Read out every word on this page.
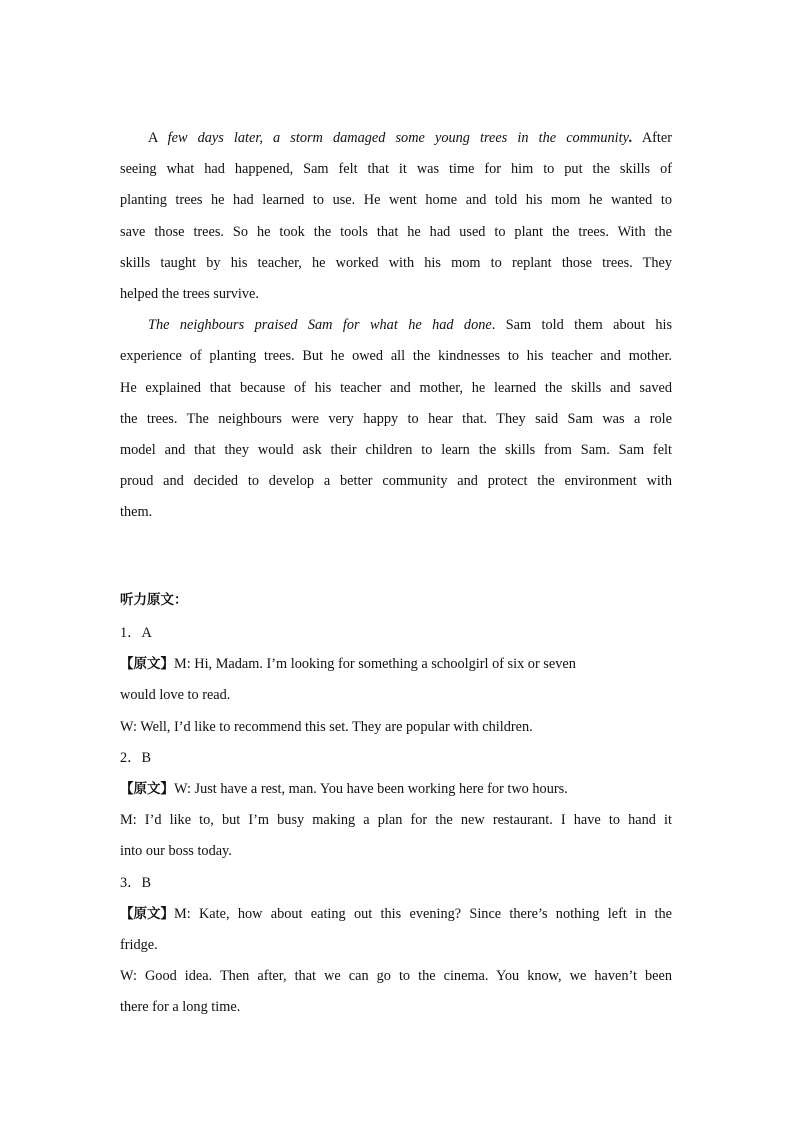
A few days later, a storm damaged some young trees in the community. After
seeing what had happened, Sam felt that it was time for him to put the skills of
planting trees he had learned to use. He went home and told his mom he wanted to
save those trees. So he took the tools that he had used to plant the trees. With the
skills taught by his teacher, he worked with his mom to replant those trees. They
helped the trees survive.

The neighbours praised Sam for what he had done. Sam told them about his
experience of planting trees. But he owed all the kindnesses to his teacher and mother.
He explained that because of his teacher and mother, he learned the skills and saved
the trees. The neighbours were very happy to hear that. They said Sam was a role
model and that they would ask their children to learn the skills from Sam. Sam felt
proud and decided to develop a better community and protect the environment with
them.

听力原文：

1．A

【原文】M: Hi, Madam. I’m looking for something a schoolgirl of six or seven

would love to read.

W: Well, I’d like to recommend this set. They are popular with children.

2．B

【原文】W: Just have a rest, man. You have been working here for two hours.

M: I’d like to, but I’m busy making a plan for the new restaurant. I have to hand it

into our boss today.

3．B

【原文】 M: Kate, how about eating out this evening? Since there’s nothing left in the

fridge.

W: Good idea. Then after, that we can go to the cinema. You know, we haven’t been

there for a long time.
